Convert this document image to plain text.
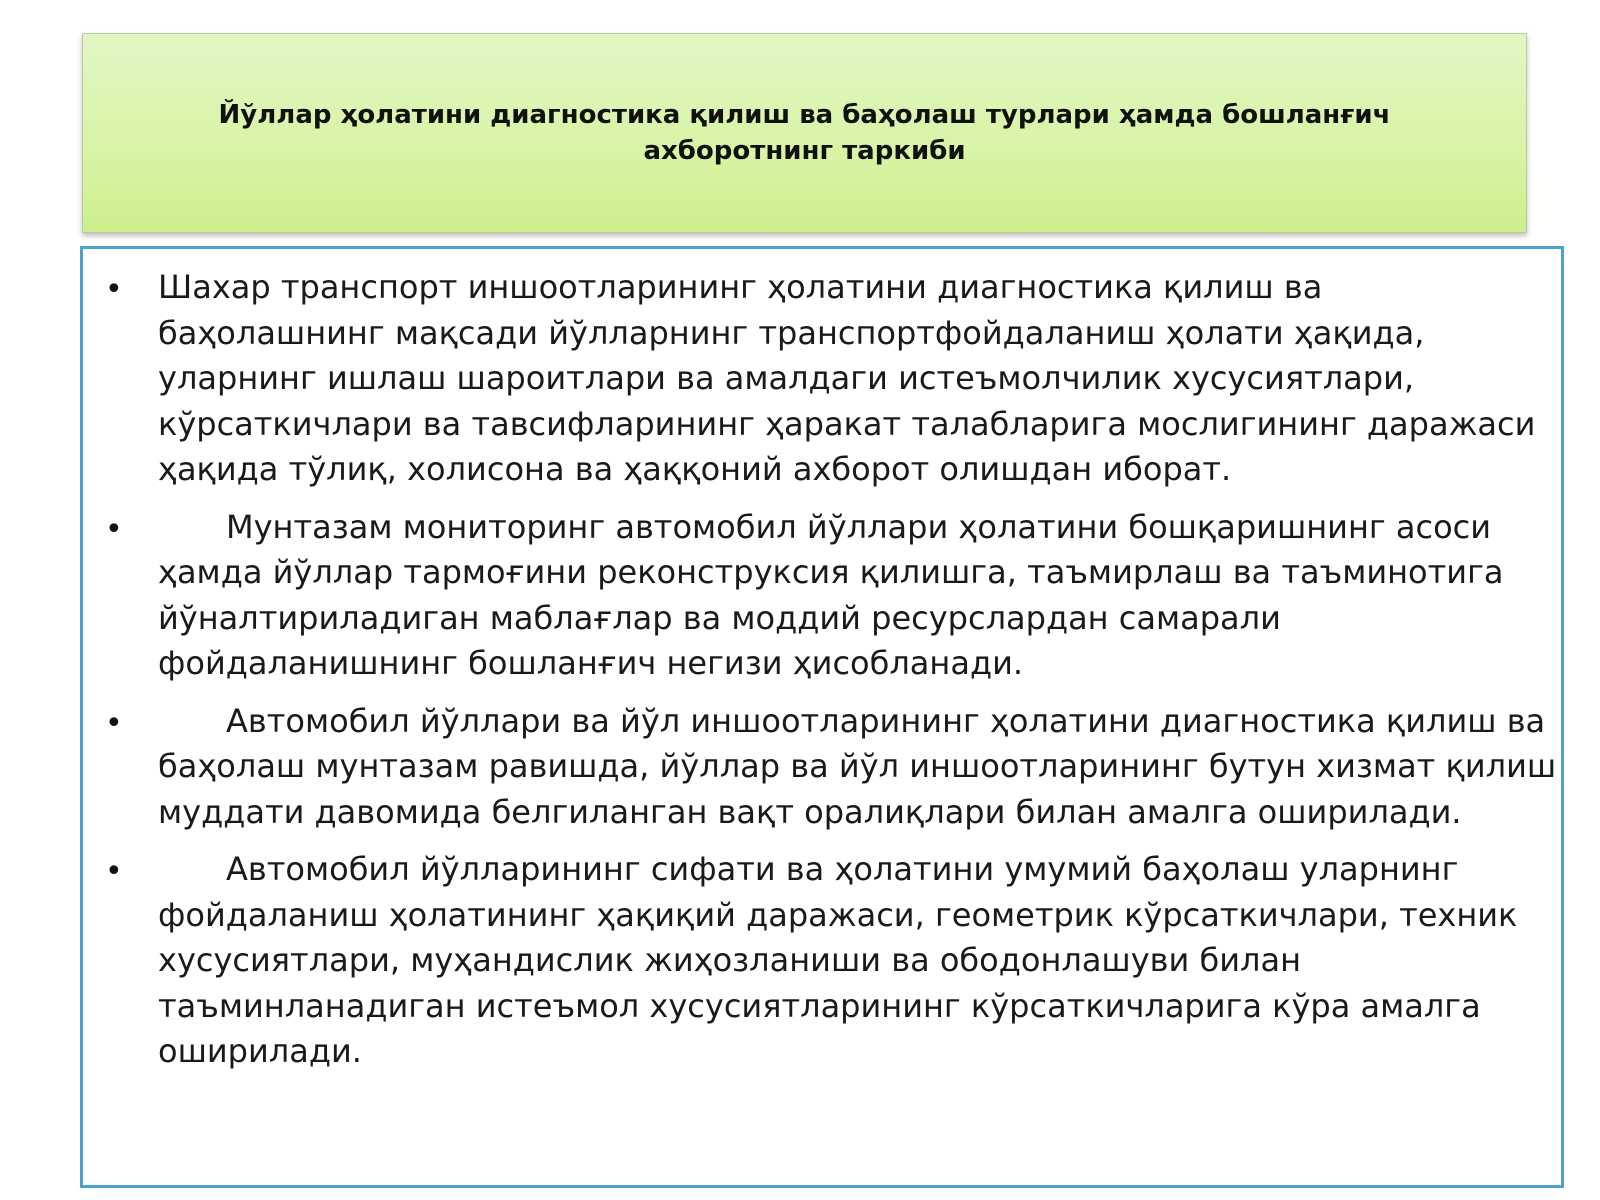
Йўллар ҳолатини диагностика қилиш ва баҳолаш турлари ҳамда бошланғич ахборотнинг таркиби
• Шахар транспорт иншоотларининг ҳолатини диагностика қилиш ва баҳолашнинг мақсади йўлларнинг транспортфойдаланиш ҳолати ҳақида, уларнинг ишлаш шароитлари ва амалдаги истеъмолчилик хусусиятлари, кўрсаткичлари ва тавсифларининг ҳаракат талабларига мослигининг даражаси ҳақида тўлиқ, холисона ва ҳаққоний ахборот олишдан иборат.

•	Мунтазам мониторинг автомобил йўллари ҳолатини бошқаришнинг асоси ҳамда йўллар тармоғини реконструксия қилишга, таъмирлаш ва таъминотига йўналтириладиган маблағлар ва моддий ресурслардан самарали фойдаланишнинг бошланғич негизи ҳисобланади.

•	Автомобил йўллари ва йўл иншоотларининг ҳолатини диагностика қилиш ва баҳолаш мунтазам равишда, йўллар ва йўл иншоотларининг бутун хизмат қилиш муддати давомида белгиланган вақт оралиқлари билан амалга оширилади.

•	Автомобил йўлларининг сифати ва ҳолатини умумий баҳолаш уларнинг фойдаланиш ҳолатининг ҳақиқий даражаси, геометрик кўрсаткичлари, техник хусусиятлари, муҳандислик жиҳозланиши ва ободонлашуви билан таъминланадиган истеъмол хусусиятларининг кўрсаткичларига кўра амалга оширилади.
